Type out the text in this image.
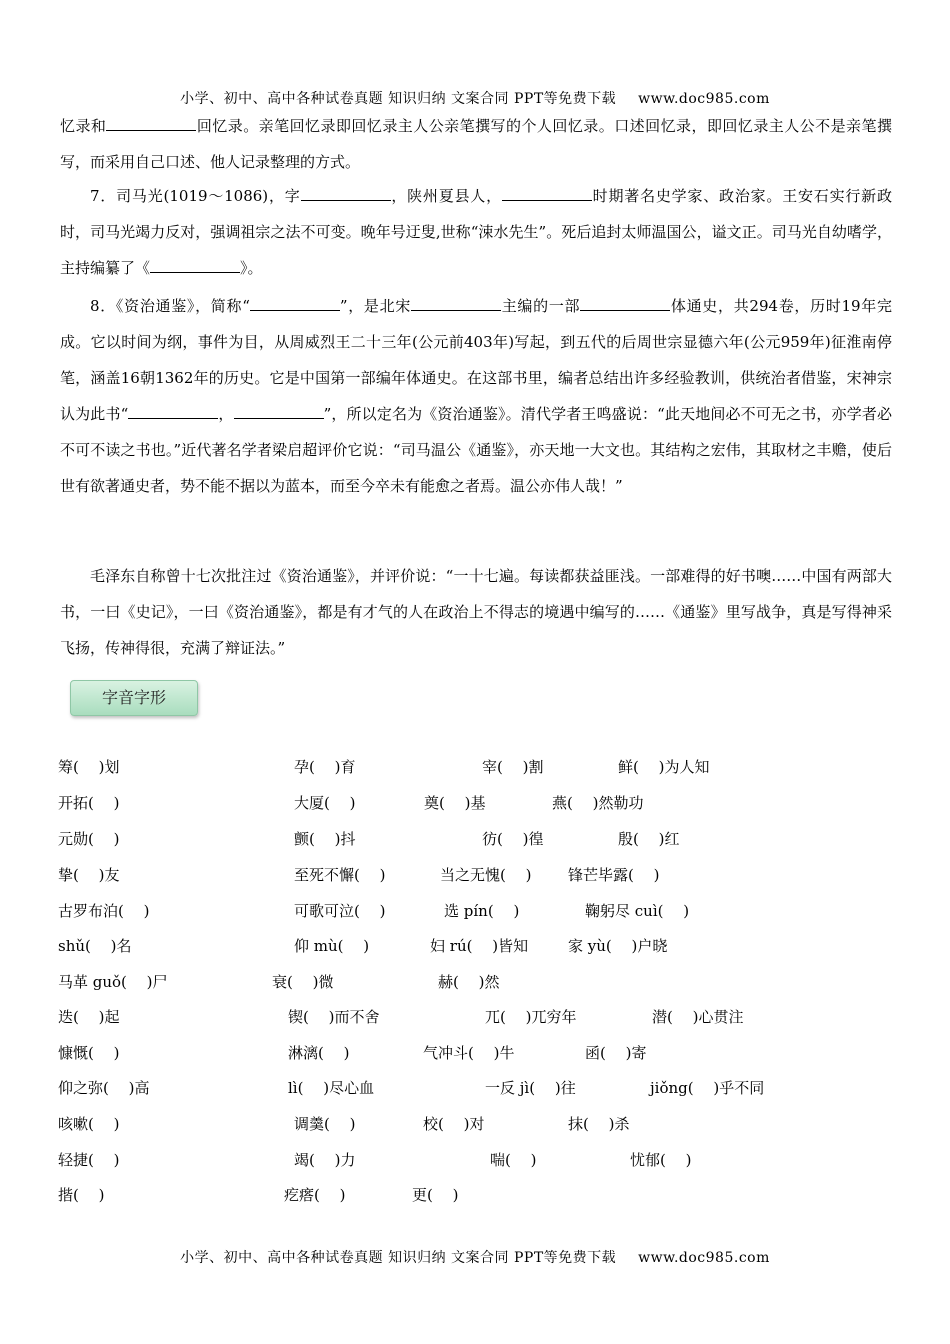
小学、初中、高中各种试卷真题 知识归纳 文案合同 PPT等免费下载 www.doc985.com

忆录和	回忆录。亲笔回忆录即回忆录主人公亲笔撰写的个人回忆录。口述回忆录，即回忆录主人公不是亲笔撰写，而采用自己口述、他人记录整理的方式。

7．司马光(1019～1086)，字	，陕州夏县人，	时期著名史学家、政治家。王安石实行新政时，司马光竭力反对，强调祖宗之法不可变。晚年号迂叟,世称“涑水先生”。死后追封太师温国公，谥文正。司马光自幼嗜学，主持编纂了《	》。

8．《资治通鉴》，简称“	”，是北宋	主编的一部	体通史，共294卷，历时19年完成。它以时间为纲，事件为目，从周威烈王二十三年(公元前403年)写起，到五代的后周世宗显德六年(公元959年)征淮南停笔，涵盖16朝1362年的历史。它是中国第一部编年体通史。在这部书里，编者总结出许多经验教训，供统治者借鉴，宋神宗认为此书“	，	”，所以定名为《资治通鉴》。清代学者王鸣盛说：“此天地间必不可无之书，亦学者必不可不读之书也。”近代著名学者梁启超评价它说：“司马温公《通鉴》，亦天地一大文也。其结构之宏伟，其取材之丰赡，使后世有欲著通史者，势不能不据以为蓝本，而至今卒未有能愈之者焉。温公亦伟人哉！”

毛泽东自称曾十七次批注过《资治通鉴》，并评价说：“一十七遍。每读都获益匪浅。一部难得的好书噢……中国有两部大书，一曰《史记》，一曰《资治通鉴》，都是有才气的人在政治上不得志的境遇中编写的……《通鉴》里写战争，真是写得神采飞扬，传神得很，充满了辩证法。”

字音字形
筹(　 )划	孕(　 )育	宰(　 )割	鲜(　 )为人知
开拓(　 )	大厦(　 )	奠(　 )基	燕(　 )然勒功
元勋(　 )	颤(　 )抖	彷(　 )徨	殷(　 )红
挚(　 )友	至死不懈(　 )	当之无愧(　 ) 锋芒毕露(　 )
古罗布泊(　 )	可歌可泣(　 )	选 pín(　 )	鞠躬尽 cuì(　 )
shǔ(　 )名	仰 mù(　 )	妇 rú(　 )皆知	家 yù(　 )户晓
马革 guǒ(　 )尸	衰(　 )微	赫(　 )然
迭(　 )起	锲(　 )而不舍	兀(　 )兀穷年	潜(　 )心贯注
慷慨(　 )	淋漓(　 )	气冲斗(　 )牛	函(　 )寄
仰之弥(　 )高	lì(　 )尽心血	一反 jì(　 )往	jiǒng(　 )乎不同
咳嗽(　 )	调羹(　 )	校(　 )对	抹(　 )杀
轻捷(　 )	竭(　 )力	喘(　 )	忧郁(　 )
揩(　 )	疙瘩(　 )	更(　 )
小学、初中、高中各种试卷真题 知识归纳 文案合同 PPT等免费下载 www.doc985.com
